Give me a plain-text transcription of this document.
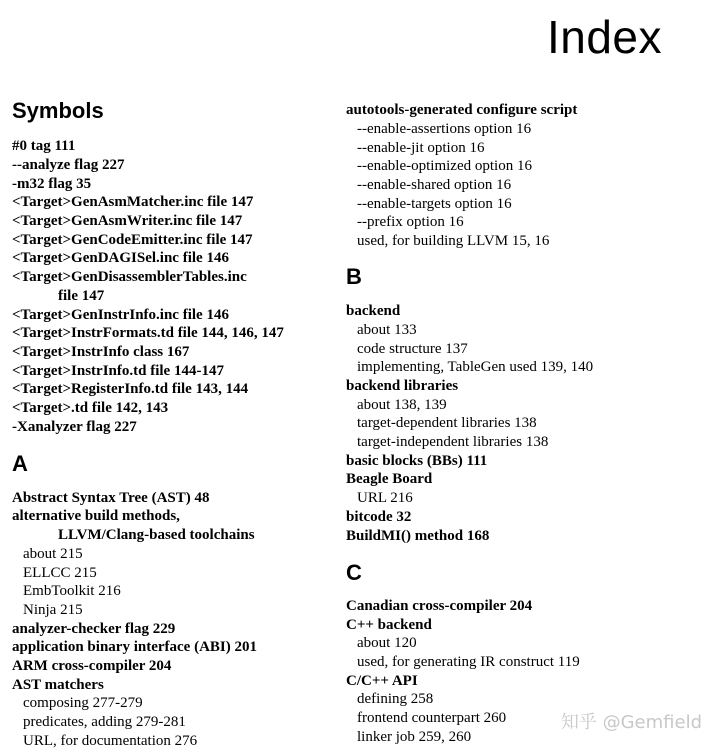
Index
Symbols
#0 tag 111
--analyze flag 227
-m32 flag 35
<Target>GenAsmMatcher.inc file 147
<Target>GenAsmWriter.inc file 147
<Target>GenCodeEmitter.inc file 147
<Target>GenDAGISel.inc file 146
<Target>GenDisassemblerTables.inc
file 147
<Target>GenInstrInfo.inc file 146
<Target>InstrFormats.td file 144, 146, 147
<Target>InstrInfo class 167
<Target>InstrInfo.td file 144-147
<Target>RegisterInfo.td file 143, 144
<Target>.td file 142, 143
-Xanalyzer flag 227
A
Abstract Syntax Tree (AST) 48
alternative build methods,
LLVM/Clang-based toolchains
about 215
ELLCC 215
EmbToolkit 216
Ninja 215
analyzer-checker flag 229
application binary interface (ABI) 201
ARM cross-compiler 204
AST matchers
composing 277-279
predicates, adding 279-281
URL, for documentation 276
autotools-generated configure script
--enable-assertions option 16
--enable-jit option 16
--enable-optimized option 16
--enable-shared option 16
--enable-targets option 16
--prefix option 16
used, for building LLVM 15, 16
B
backend
about 133
code structure 137
implementing, TableGen used 139, 140
backend libraries
about 138, 139
target-dependent libraries 138
target-independent libraries 138
basic blocks (BBs) 111
Beagle Board
URL 216
bitcode 32
BuildMI() method 168
C
Canadian cross-compiler 204
C++ backend
about 120
used, for generating IR construct 119
C/C++ API
defining 258
frontend counterpart 260
linker job 259, 260
知乎 @Gemfield
